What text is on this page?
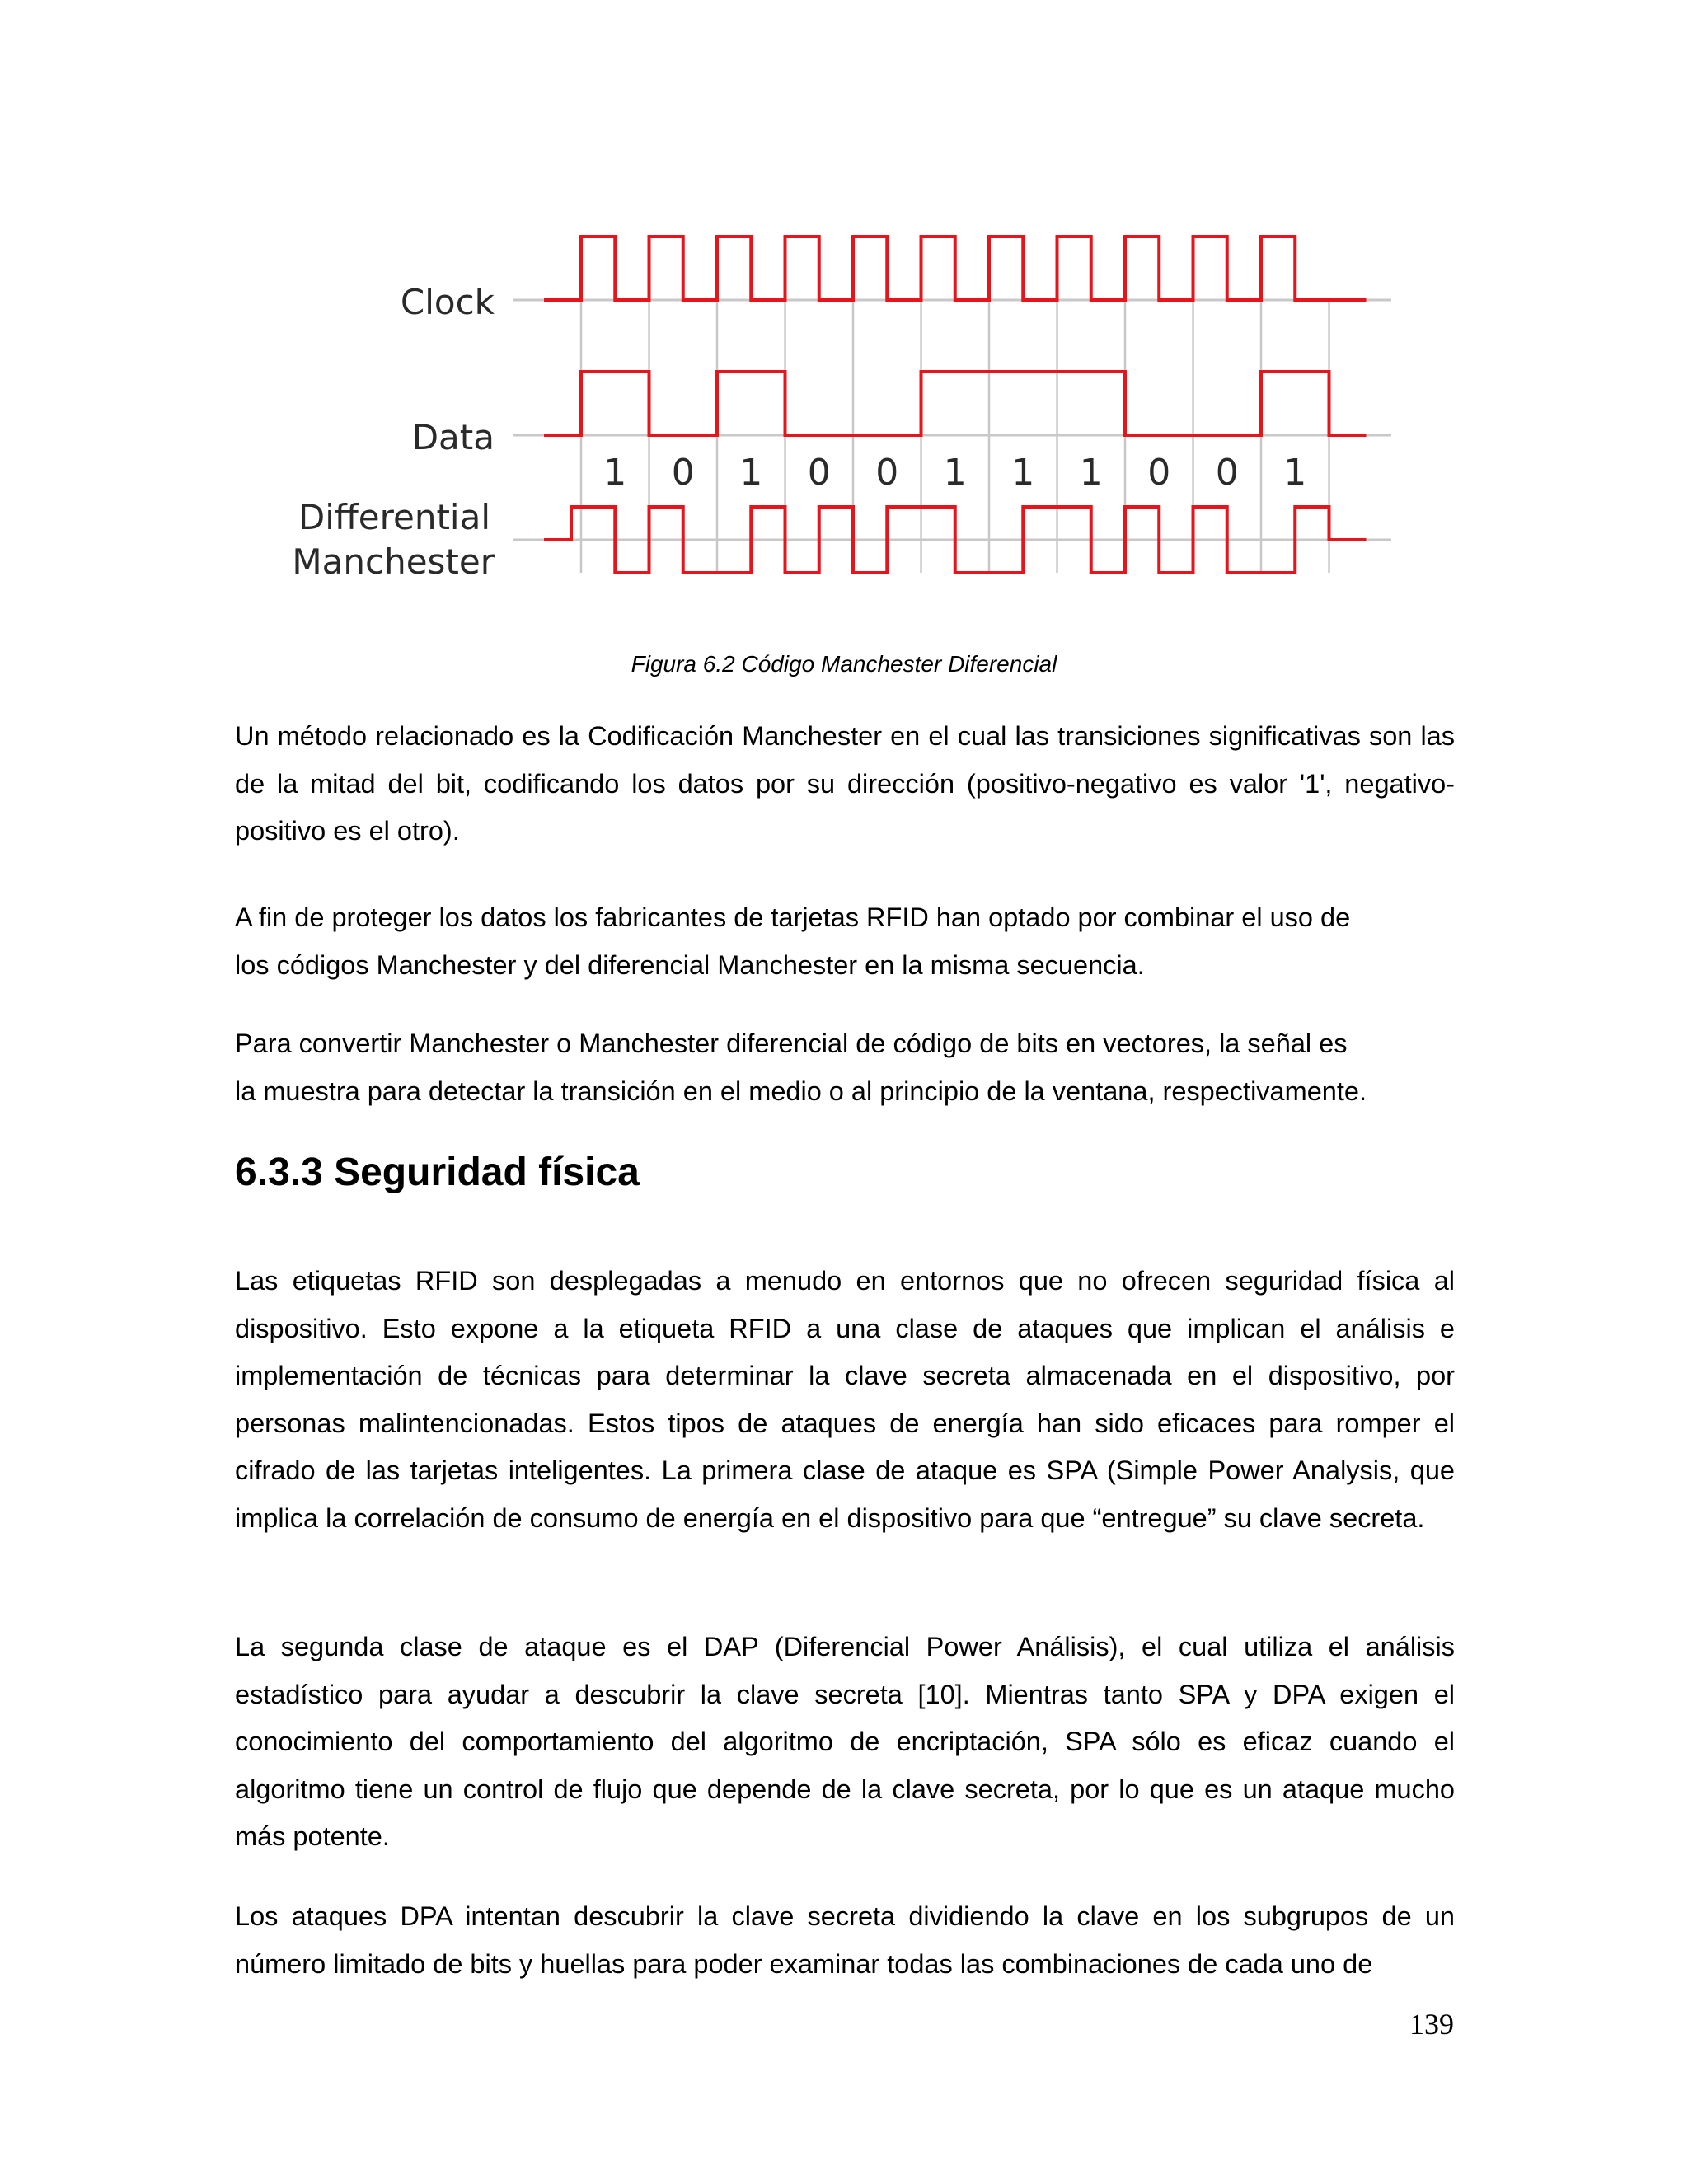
Clock
Data
Differential
Manchester
1 0 1 0 0 1 1 1 0 0 1
Figura 6.2 Código Manchester Diferencial

Un método relacionado es la Codificación Manchester en el cual las transiciones significativas son las de la mitad del bit, codificando los datos por su dirección (positivo-negativo es valor '1', negativo-positivo es el otro).

A fin de proteger los datos los fabricantes de tarjetas RFID han optado por combinar el uso de
los códigos Manchester y del diferencial Manchester en la misma secuencia.

Para convertir Manchester o Manchester diferencial de código de bits en vectores, la señal es
la muestra para detectar la transición en el medio o al principio de la ventana, respectivamente.

6.3.3 Seguridad física

Las etiquetas RFID son desplegadas a menudo en entornos que no ofrecen seguridad física al dispositivo. Esto expone a la etiqueta RFID a una clase de ataques que implican el análisis e implementación de técnicas para determinar la clave secreta almacenada en el dispositivo, por personas malintencionadas. Estos tipos de ataques de energía han sido eficaces para romper el cifrado de las tarjetas inteligentes. La primera clase de ataque es SPA (Simple Power Analysis, que implica la correlación de consumo de energía en el dispositivo para que “entregue” su clave secreta.

La segunda clase de ataque es el DAP (Diferencial Power Análisis), el cual utiliza el análisis estadístico para ayudar a descubrir la clave secreta [10]. Mientras tanto SPA y DPA exigen el conocimiento del comportamiento del algoritmo de encriptación, SPA sólo es eficaz cuando el algoritmo tiene un control de flujo que depende de la clave secreta, por lo que es un ataque mucho más potente.

Los ataques DPA intentan descubrir la clave secreta dividiendo la clave en los subgrupos de un número limitado de bits y huellas para poder examinar todas las combinaciones de cada uno de

139
